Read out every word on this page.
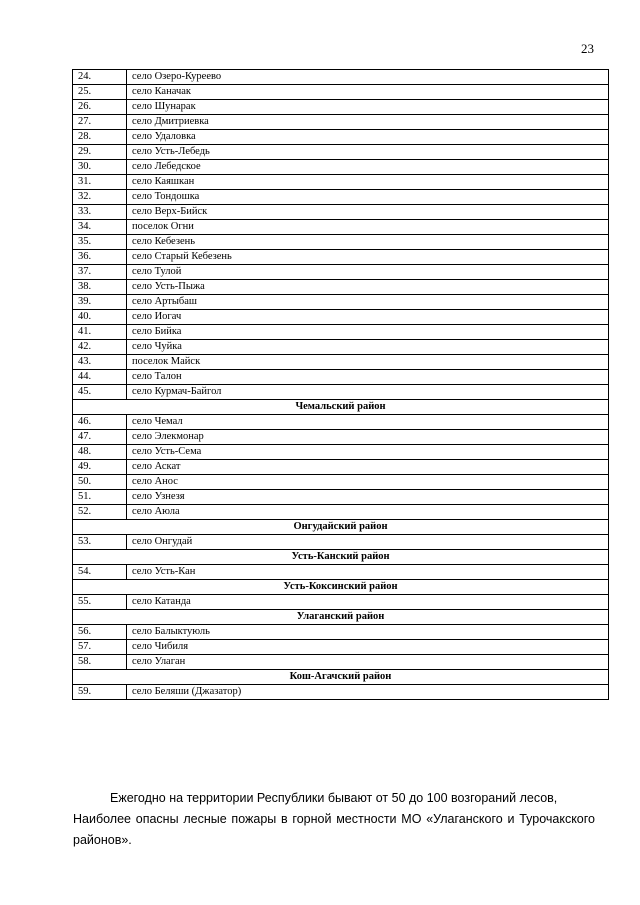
23
24.	село Озеро-Куреево
25.	село Каначак
26.	село Шунарак
27.	село Дмитриевка
28.	село Удаловка
29.	село Усть-Лебедь
30.	село Лебедское
31.	село Каяшкан
32.	село Тондошка
33.	село Верх-Бийск
34.	поселок Огни
35.	село Кебезень
36.	село Старый Кебезень
37.	село Тулой
38.	село Усть-Пыжа
39.	село Артыбаш
40.	село Иогач
41.	село Бийка
42.	село Чуйка
43.	поселок Майск
44.	село Талон
45.	село Курмач-Байгол
Чемальский район	
46.	село Чемал
47.	село Элекмонар
48.	село Усть-Сема
49.	село Аскат
50.	село Анос
51.	село Узнезя
52.	село Аюла
Онгудайский район	
53.	село Онгудай
Усть-Канский район	
54.	село Усть-Кан
Усть-Коксинский район	
55.	село Катанда
Улаганский район	
56.	село Балыктуюль
57.	село Чибиля
58.	село Улаган
Кош-Агачский район	
59.	село Беляши (Джазатор)

Ежегодно на территории Республики бывают от 50 до 100 возгораний лесов,

Наиболее опасны лесные пожары в горной местности МО «Улаганского и Турочакского районов».
